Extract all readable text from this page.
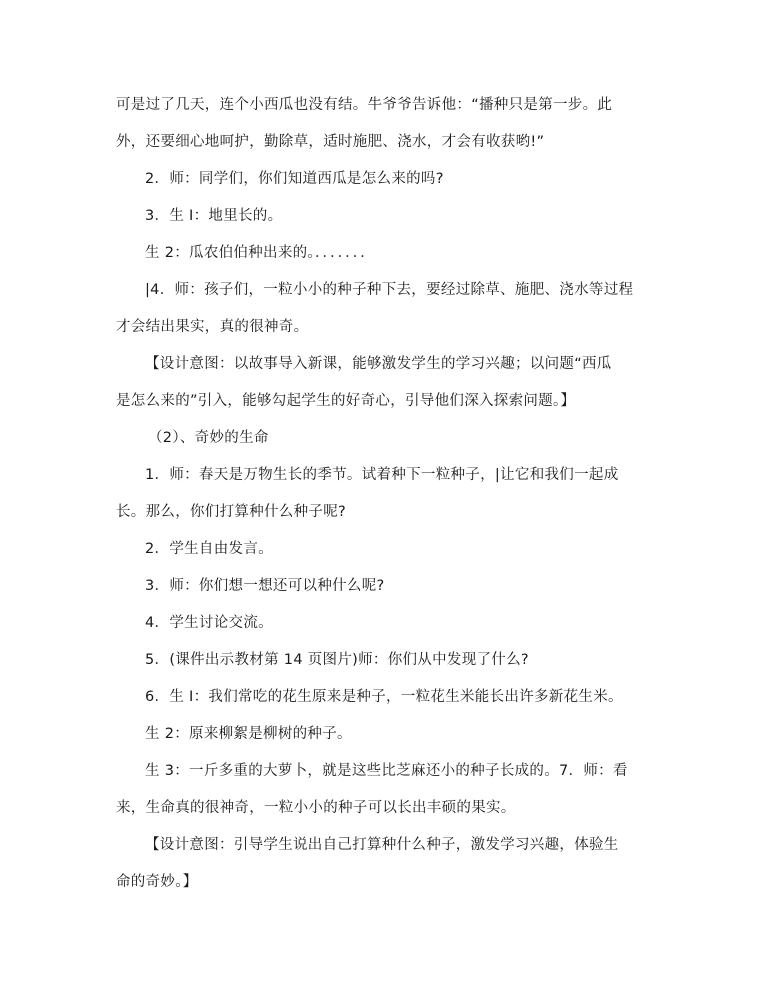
可是过了几天，连个小西瓜也没有结。牛爷爷告诉他：“播种只是第一步。此
外，还要细心地呵护，勤除草，适时施肥、浇水，才会有收获哟!”
2．师：同学们，你们知道西瓜是怎么来的吗?
3．生 I：地里长的。
生 2：瓜农伯伯种出来的。．．．．．．．
|4．师：孩子们，一粒小小的种子种下去，要经过除草、施肥、浇水等过程
才会结出果实，真的很神奇。
【设计意图：以故事导入新课，能够激发学生的学习兴趣；以问题“西瓜
是怎么来的”引入，能够勾起学生的好奇心，引导他们深入探索问题。】
（2）、奇妙的生命
1．师：春天是万物生长的季节。试着种下一粒种子，|让它和我们一起成
长。那么，你们打算种什么种子呢?
2．学生自由发言。
3．师：你们想一想还可以种什么呢?
4．学生讨论交流。
5．(课件出示教材第 14 页图片)师：你们从中发现了什么?
6．生 I：我们常吃的花生原来是种子，一粒花生米能长出许多新花生米。
生 2：原来柳絮是柳树的种子。
生 3：一斤多重的大萝卜，就是这些比芝麻还小的种子长成的。7．师：看
来，生命真的很神奇，一粒小小的种子可以长出丰硕的果实。
【设计意图：引导学生说出自己打算种什么种子，激发学习兴趣，体验生
命的奇妙。】
